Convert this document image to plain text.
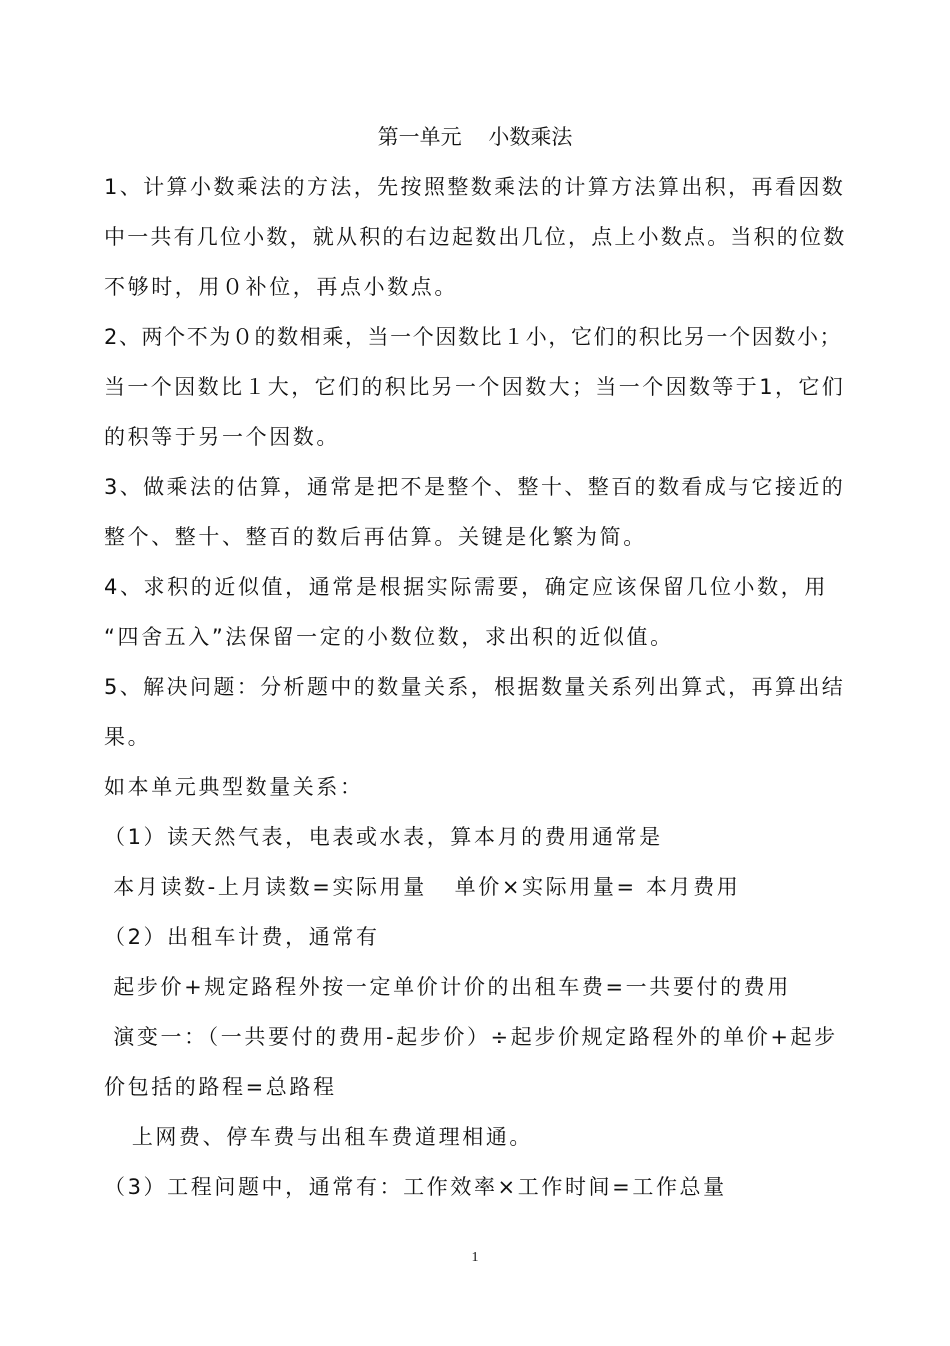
第一单元    小数乘法
1、计算小数乘法的方法，先按照整数乘法的计算方法算出积，再看因数
中一共有几位小数，就从积的右边起数出几位，点上小数点。当积的位数
不够时，用０补位，再点小数点。
2、两个不为０的数相乘，当一个因数比１小，它们的积比另一个因数小；
当一个因数比１大，它们的积比另一个因数大；当一个因数等于1，它们
的积等于另一个因数。
3、做乘法的估算，通常是把不是整个、整十、整百的数看成与它接近的
整个、整十、整百的数后再估算。关键是化繁为简。
4、求积的近似值，通常是根据实际需要，确定应该保留几位小数，用
“四舍五入”法保留一定的小数位数，求出积的近似值。
5、解决问题：分析题中的数量关系，根据数量关系列出算式，再算出结
果。
如本单元典型数量关系：
（1）读天然气表，电表或水表，算本月的费用通常是
本月读数-上月读数=实际用量   单价×实际用量= 本月费用
（2）出租车计费，通常有
起步价+规定路程外按一定单价计价的出租车费=一共要付的费用
演变一：（一共要付的费用-起步价）÷起步价规定路程外的单价+起步
价包括的路程=总路程
上网费、停车费与出租车费道理相通。
（3）工程问题中，通常有：工作效率×工作时间=工作总量
1
